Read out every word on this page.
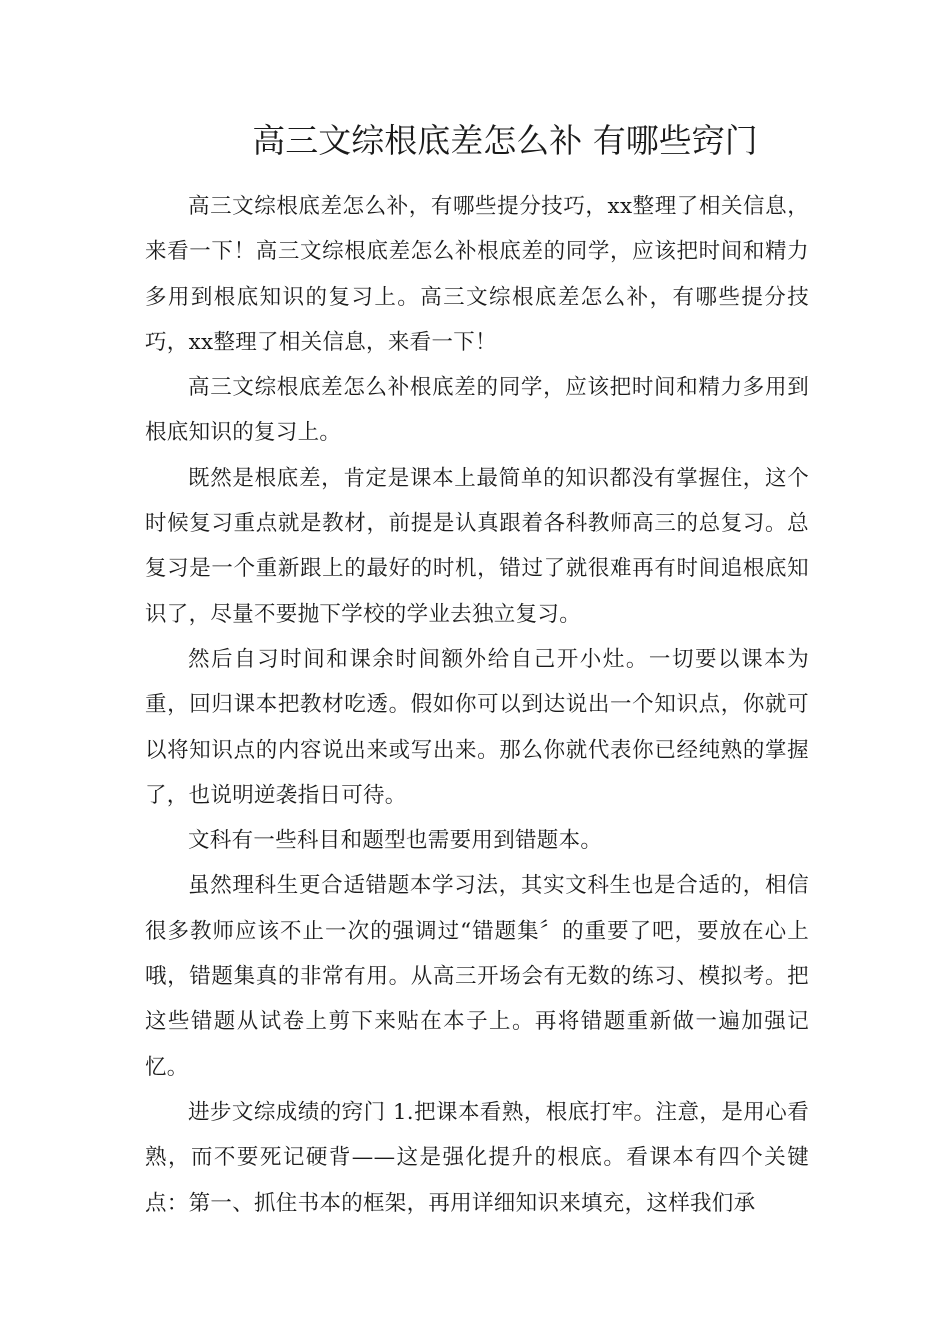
高三文综根底差怎么补 有哪些窍门

高三文综根底差怎么补，有哪些提分技巧，xx整理了相关信息，来看一下！高三文综根底差怎么补根底差的同学，应该把时间和精力多用到根底知识的复习上。高三文综根底差怎么补，有哪些提分技巧，xx整理了相关信息，来看一下！

高三文综根底差怎么补根底差的同学，应该把时间和精力多用到根底知识的复习上。

既然是根底差，肯定是课本上最简单的知识都没有掌握住，这个时候复习重点就是教材，前提是认真跟着各科教师高三的总复习。总复习是一个重新跟上的最好的时机，错过了就很难再有时间追根底知识了，尽量不要抛下学校的学业去独立复习。

然后自习时间和课余时间额外给自己开小灶。一切要以课本为重，回归课本把教材吃透。假如你可以到达说出一个知识点，你就可以将知识点的内容说出来或写出来。那么你就代表你已经纯熟的掌握了，也说明逆袭指日可待。

文科有一些科目和题型也需要用到错题本。

虽然理科生更合适错题本学习法，其实文科生也是合适的，相信很多教师应该不止一次的强调过“错题集〞的重要了吧，要放在心上哦，错题集真的非常有用。从高三开场会有无数的练习、模拟考。把这些错题从试卷上剪下来贴在本子上。再将错题重新做一遍加强记忆。

进步文综成绩的窍门 1.把课本看熟，根底打牢。注意，是用心看熟，而不要死记硬背——这是强化提升的根底。看课本有四个关键点：第一、抓住书本的框架，再用详细知识来填充，这样我们承
